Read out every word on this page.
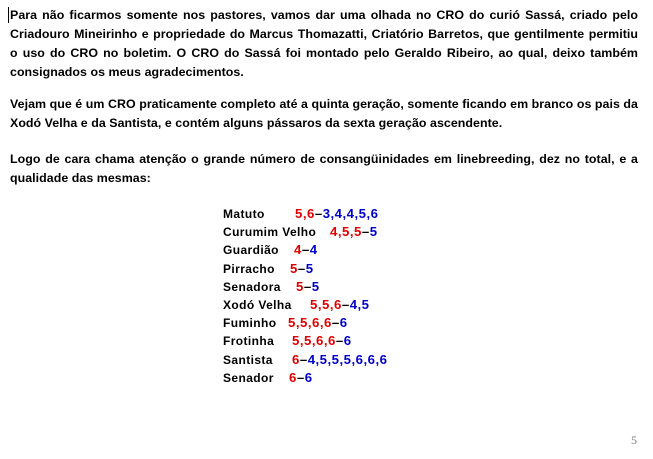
Para não ficarmos somente nos pastores, vamos dar uma olhada no CRO do curió Sassá, criado pelo Criadouro Mineirinho e propriedade do Marcus Thomazatti, Criatório Barretos, que gentilmente permitiu o uso do CRO no boletim. O CRO do Sassá foi montado pelo Geraldo Ribeiro, ao qual, deixo também consignados os meus agradecimentos.

Vejam que é um CRO praticamente completo até a quinta geração, somente ficando em branco os pais da Xodó Velha e da Santista, e contém alguns pássaros da sexta geração ascendente.

Logo de cara chama atenção o grande número de consangüinidades em linebreeding, dez no total, e a qualidade das mesmas:

Matuto 5,6–3,4,4,5,6
Curumim Velho 4,5,5–5
Guardião 4–4
Pirracho 5–5
Senadora 5–5
Xodó Velha 5,5,6–4,5
Fuminho 5,5,6,6–6
Frotinha 5,5,6,6–6
Santista 6–4,5,5,5,6,6,6
Senador 6–6
5
